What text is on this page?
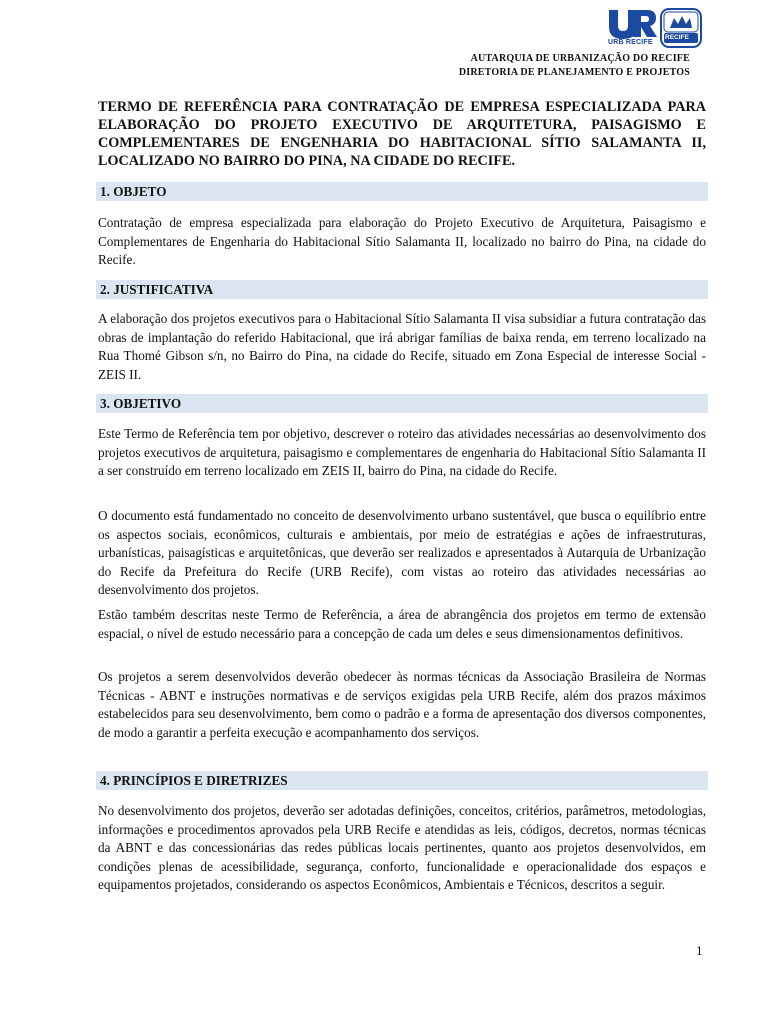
URB RECIFE
RECIFE
AUTARQUIA DE URBANIZAÇÃO DO RECIFE
DIRETORIA DE PLANEJAMENTO E PROJETOS

TERMO DE REFERÊNCIA PARA CONTRATAÇÃO DE EMPRESA ESPECIALIZADA PARA ELABORAÇÃO DO PROJETO EXECUTIVO DE ARQUITETURA, PAISAGISMO E COMPLEMENTARES DE ENGENHARIA DO HABITACIONAL SÍTIO SALAMANTA II, LOCALIZADO NO BAIRRO DO PINA, NA CIDADE DO RECIFE.

1. OBJETO

Contratação de empresa especializada para elaboração do Projeto Executivo de Arquitetura, Paisagismo e Complementares de Engenharia do Habitacional Sítio Salamanta II, localizado no bairro do Pina, na cidade do Recife.

2. JUSTIFICATIVA

A elaboração dos projetos executivos para o Habitacional Sítio Salamanta II visa subsidiar a futura contratação das obras de implantação do referido Habitacional, que irá abrigar famílias de baixa renda, em terreno localizado na Rua Thomé Gibson s/n, no Bairro do Pina, na cidade do Recife, situado em Zona Especial de interesse Social - ZEIS II.

3. OBJETIVO

Este Termo de Referência tem por objetivo, descrever o roteiro das atividades necessárias ao desenvolvimento dos projetos executivos de arquitetura, paisagismo e complementares de engenharia do Habitacional Sítio Salamanta II a ser construído em terreno localizado em ZEIS II, bairro do Pina, na cidade do Recife.

O documento está fundamentado no conceito de desenvolvimento urbano sustentável, que busca o equilíbrio entre os aspectos sociais, econômicos, culturais e ambientais, por meio de estratégias e ações de infraestruturas, urbanísticas, paisagísticas e arquitetônicas, que deverão ser realizados e apresentados à Autarquia de Urbanização do Recife da Prefeitura do Recife (URB Recife), com vistas ao roteiro das atividades necessárias ao desenvolvimento dos projetos.

Estão também descritas neste Termo de Referência, a área de abrangência dos projetos em termo de extensão espacial, o nível de estudo necessário para a concepção de cada um deles e seus dimensionamentos definitivos.

Os projetos a serem desenvolvidos deverão obedecer às normas técnicas da Associação Brasileira de Normas Técnicas - ABNT e instruções normativas e de serviços exigidas pela URB Recife, além dos prazos máximos estabelecidos para seu desenvolvimento, bem como o padrão e a forma de apresentação dos diversos componentes, de modo a garantir a perfeita execução e acompanhamento dos serviços.

4. PRINCÍPIOS E DIRETRIZES

No desenvolvimento dos projetos, deverão ser adotadas definições, conceitos, critérios, parâmetros, metodologias, informações e procedimentos aprovados pela URB Recife e atendidas as leis, códigos, decretos, normas técnicas da ABNT e das concessionárias das redes públicas locais pertinentes, quanto aos projetos desenvolvidos, em condições plenas de acessibilidade, segurança, conforto, funcionalidade e operacionalidade dos espaços e equipamentos projetados, considerando os aspectos Econômicos, Ambientais e Técnicos, descritos a seguir.

1
